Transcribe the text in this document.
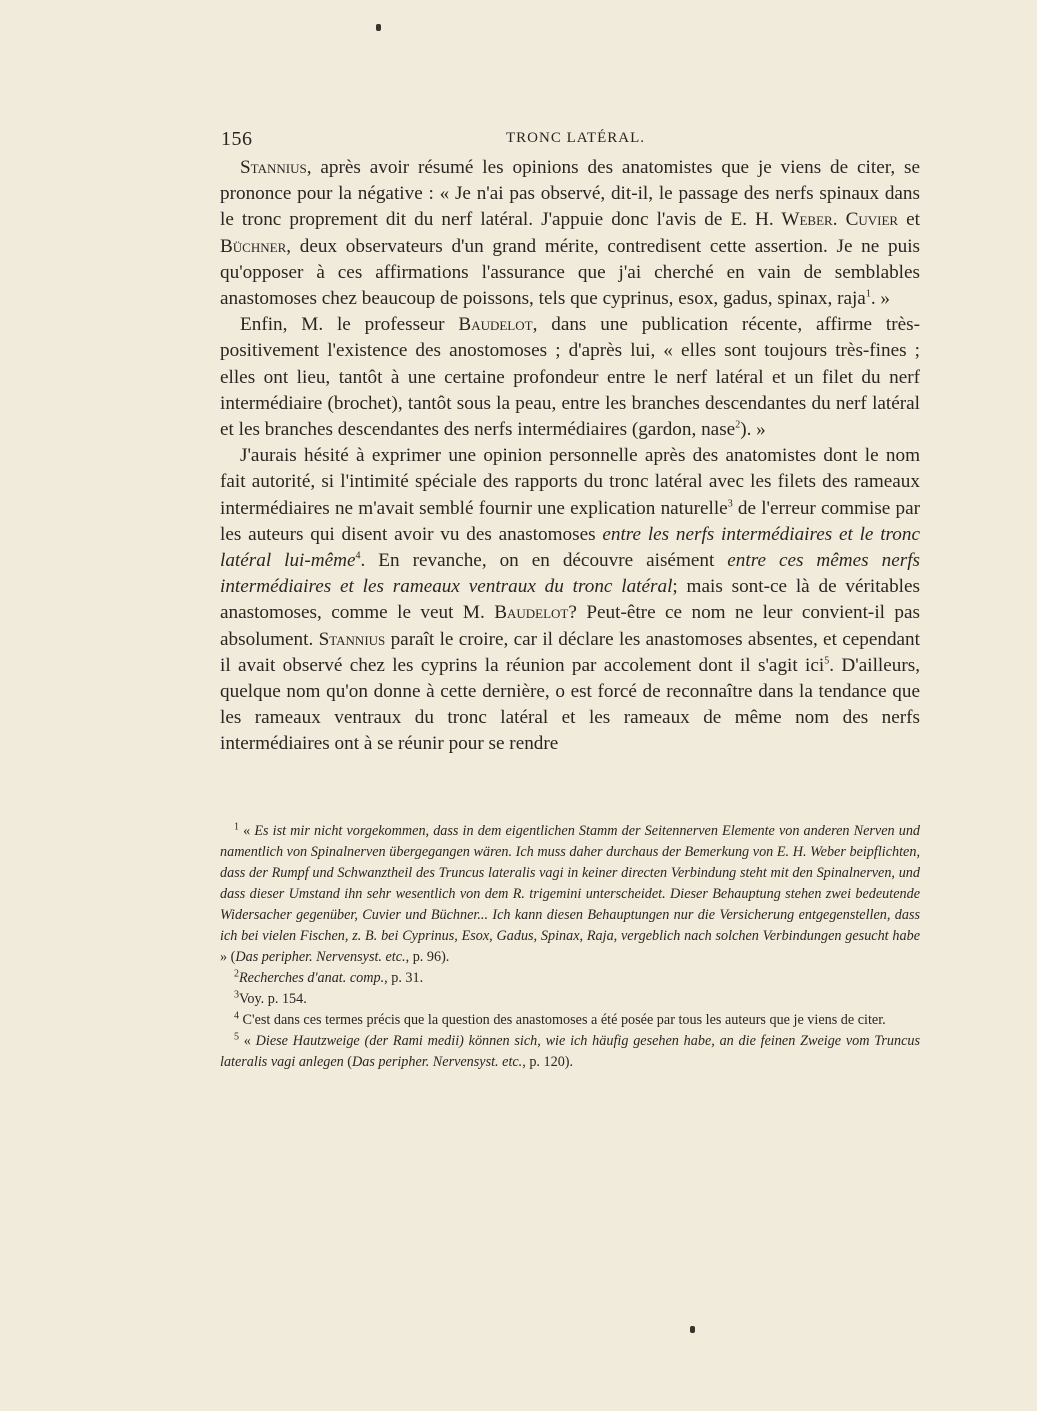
156	TRONC LATÉRAL.

Stannius, après avoir résumé les opinions des anatomistes que je viens de citer, se prononce pour la négative : « Je n'ai pas observé, dit-il, le passage des nerfs spinaux dans le tronc proprement dit du nerf latéral. J'appuie donc l'avis de E. H. Weber. Cuvier et Büchner, deux observateurs d'un grand mérite, contredisent cette assertion. Je ne puis qu'opposer à ces affirmations l'assurance que j'ai cherché en vain de semblables anastomoses chez beaucoup de poissons, tels que cyprinus, esox, gadus, spinax, raja$^1$. »

Enfin, M. le professeur Baudelot, dans une publication récente, affirme très-positivement l'existence des anostomoses ; d'après lui, « elles sont toujours très-fines ; elles ont lieu, tantôt à une certaine profondeur entre le nerf latéral et un filet du nerf intermédiaire (brochet), tantôt sous la peau, entre les branches descendantes du nerf latéral et les branches descendantes des nerfs intermédiaires (gardon, nase$^2$). »

J'aurais hésité à exprimer une opinion personnelle après des anatomistes dont le nom fait autorité, si l'intimité spéciale des rapports du tronc latéral avec les filets des rameaux intermédiaires ne m'avait semblé fournir une explication naturelle$^3$ de l'erreur commise par les auteurs qui disent avoir vu des anastomoses entre les nerfs intermédiaires et le tronc latéral lui-même$^4$. En revanche, on en découvre aisément entre ces mêmes nerfs intermédiaires et les rameaux ventraux du tronc latéral; mais sont-ce là de véritables anastomoses, comme le veut M. Baudelot? Peut-être ce nom ne leur convient-il pas absolument. Stannius paraît le croire, car il déclare les anastomoses absentes, et cependant il avait observé chez les cyprins la réunion par accolement dont il s'agit ici$^5$. D'ailleurs, quelque nom qu'on donne à cette dernière, o est forcé de reconnaître dans la tendance que les rameaux ventraux du tronc latéral et les rameaux de même nom des nerfs intermédiaires ont à se réunir pour se rendre

$^1$ « Es ist mir nicht vorgekommen, dass in dem eigentlichen Stamm der Seitennerven Elemente von anderen Nerven und namentlich von Spinalnerven übergegangen wären. Ich muss daher durchaus der Bemerkung von E. H. Weber beipflichten, dass der Rumpf und Schwanztheil des Truncus lateralis vagi in keiner directen Verbindung steht mit den Spinalnerven, und dass dieser Umstand ihn sehr wesentlich von dem R. trigemini unterscheidet. Dieser Behauptung stehen zwei bedeutende Widersacher gegenüber, Cuvier und Büchner... Ich kann diesen Behauptungen nur die Versicherung entgegenstellen, dass ich bei vielen Fischen, z. B. bei Cyprinus, Esox, Gadus, Spinax, Raja, vergeblich nach solchen Verbindungen gesucht habe » (Das peripher. Nervensyst. etc., p. 96).

$^2$Recherches d'anat. comp., p. 31.

$^3$Voy. p. 154.

$^4$ C'est dans ces termes précis que la question des anastomoses a été posée par tous les auteurs que je viens de citer.

$^5$ « Diese Hautzweige (der Rami medii) können sich, wie ich häufig gesehen habe, an die feinen Zweige vom Truncus lateralis vagi anlegen (Das peripher. Nervensyst. etc., p. 120).
